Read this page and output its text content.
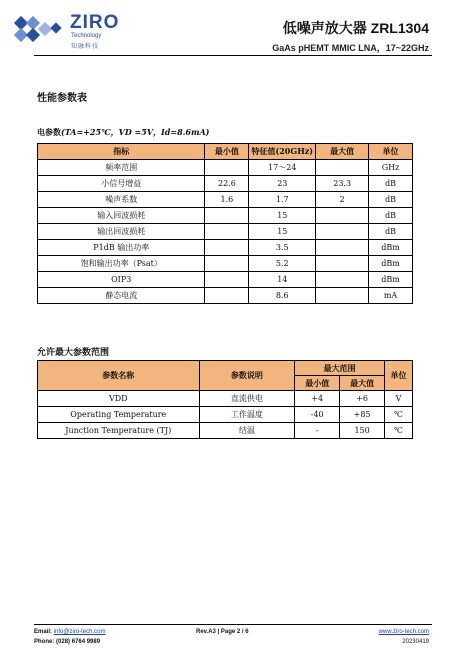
ZIRO
Technology
知融科技
低噪声放大器 ZRL1304
GaAs pHEMT MMIC LNA，17~22GHz
性能参数表
电参数(TA=+25℃，VD =5V，Id=8.6mA)
指标	最小值	特征值(20GHz)	最大值	单位
频率范围		17～24		GHz
小信号增益	22.6	23	23.3	dB
噪声系数	1.6	1.7	2	dB
输入回波损耗		15		dB
输出回波损耗		15		dB
P1dB 输出功率		3.5		dBm
饱和输出功率（Psat）		5.2		dBm
OIP3		14		dBm
静态电流		8.6		mA
允许最大参数范围
参数名称	参数说明	最大范围		单位
		最小值	最大值	
VDD	直流供电	+4	+6	V
Operating Temperature	工作温度	-40	+85	℃
Junction Temperature (TJ)	结温	-	150	℃
Email: info@ziro-tech.com
Phone: (028) 6764 9989
Rev.A3 | Page 2 / 6	www.ziro-tech.com
20230419
